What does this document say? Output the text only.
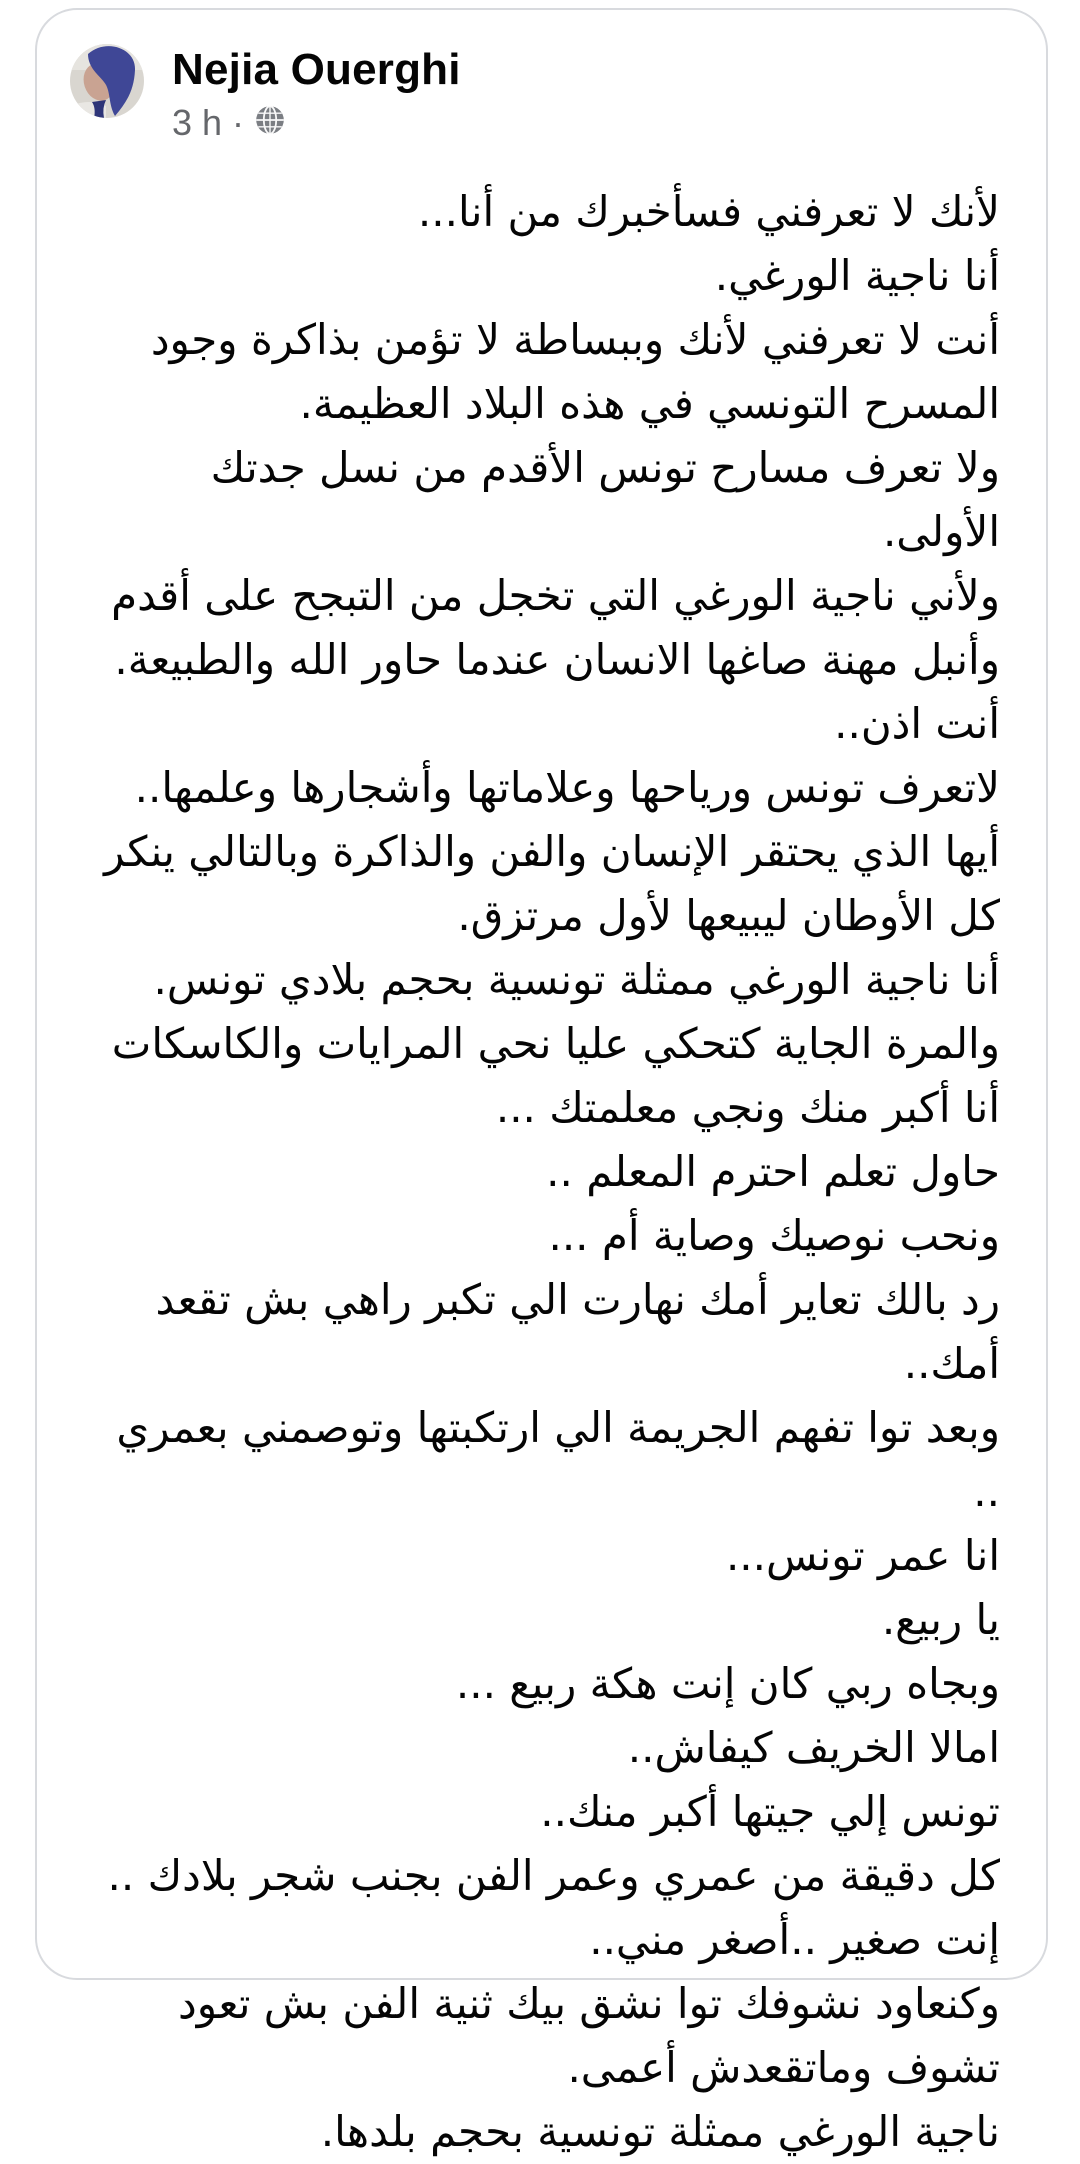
Nejia Ouerghi
3 h ·

لأنك لا تعرفني فسأخبرك من أنا...

أنا ناجية الورغي.

أنت لا تعرفني لأنك وببساطة لا تؤمن بذاكرة وجود المسرح التونسي في هذه البلاد العظيمة.

ولا تعرف مسارح تونس الأقدم من نسل جدتك الأولى.

ولأني ناجية الورغي التي تخجل من التبجح على أقدم وأنبل مهنة صاغها الانسان عندما حاور الله والطبيعة.

أنت اذن..

لاتعرف تونس ورياحها وعلاماتها وأشجارها وعلمها..

أيها الذي يحتقر الإنسان والفن والذاكرة وبالتالي ينكر كل الأوطان ليبيعها لأول مرتزق.

أنا ناجية الورغي ممثلة تونسية بحجم بلادي تونس.

والمرة الجاية كتحكي عليا نحي المرايات والكاسكات أنا أكبر منك ونجي معلمتك ...

حاول تعلم احترم المعلم ..

ونحب نوصيك وصاية أم ...

رد بالك تعاير أمك نهارت الي تكبر راهي بش تقعد أمك..

وبعد توا تفهم الجريمة الي ارتكبتها وتوصمني بعمري ..

انا عمر تونس...

يا ربيع.

وبجاه ربي كان إنت هكة ربيع ...

امالا الخريف كيفاش..

تونس إلي جيتها أكبر منك..

كل دقيقة من عمري وعمر الفن بجنب شجر بلادك ..

إنت صغير ..أصغر مني..

وكنعاود نشوفك توا نشق بيك ثنية الفن بش تعود تشوف وماتقعدش أعمى.

ناجية الورغي ممثلة تونسية بحجم بلدها.
